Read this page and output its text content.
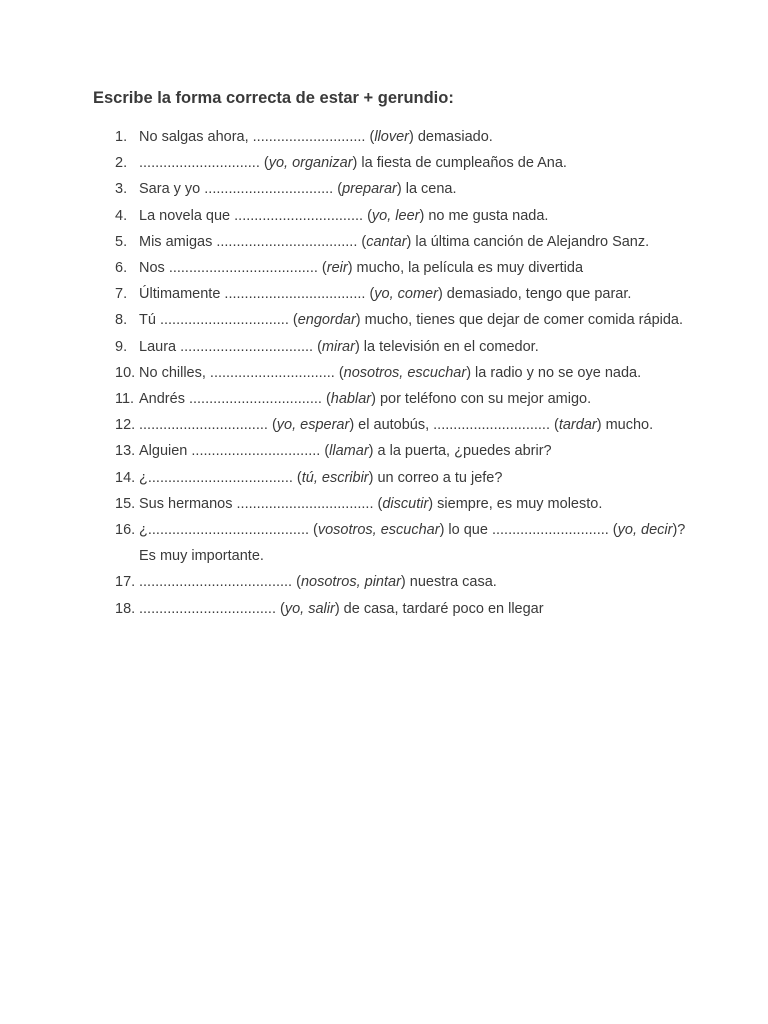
Escribe la forma correcta de estar + gerundio:
1. No salgas ahora, ............................ (llover) demasiado.
2. .............................. (yo, organizar) la fiesta de cumpleaños de Ana.
3. Sara y yo ................................ (preparar) la cena.
4. La novela que ................................ (yo, leer) no me gusta nada.
5. Mis amigas ................................... (cantar) la última canción de Alejandro Sanz.
6. Nos ..................................... (reir) mucho, la película es muy divertida
7. Últimamente ................................... (yo, comer) demasiado, tengo que parar.
8. Tú ................................ (engordar) mucho, tienes que dejar de comer comida rápida.
9. Laura ................................. (mirar) la televisión en el comedor.
10. No chilles, ............................... (nosotros, escuchar) la radio y no se oye nada.
11. Andrés ................................. (hablar) por teléfono con su mejor amigo.
12. ................................ (yo, esperar) el autobús, ............................. (tardar) mucho.
13. Alguien ................................ (llamar) a la puerta, ¿puedes abrir?
14. ¿.................................... (tú, escribir) un correo a tu jefe?
15. Sus hermanos .................................. (discutir) siempre, es muy molesto.
16. ¿........................................ (vosotros, escuchar) lo que ............................. (yo, decir)? Es muy importante.
17. ...................................... (nosotros, pintar) nuestra casa.
18. .................................. (yo, salir) de casa, tardaré poco en llegar
